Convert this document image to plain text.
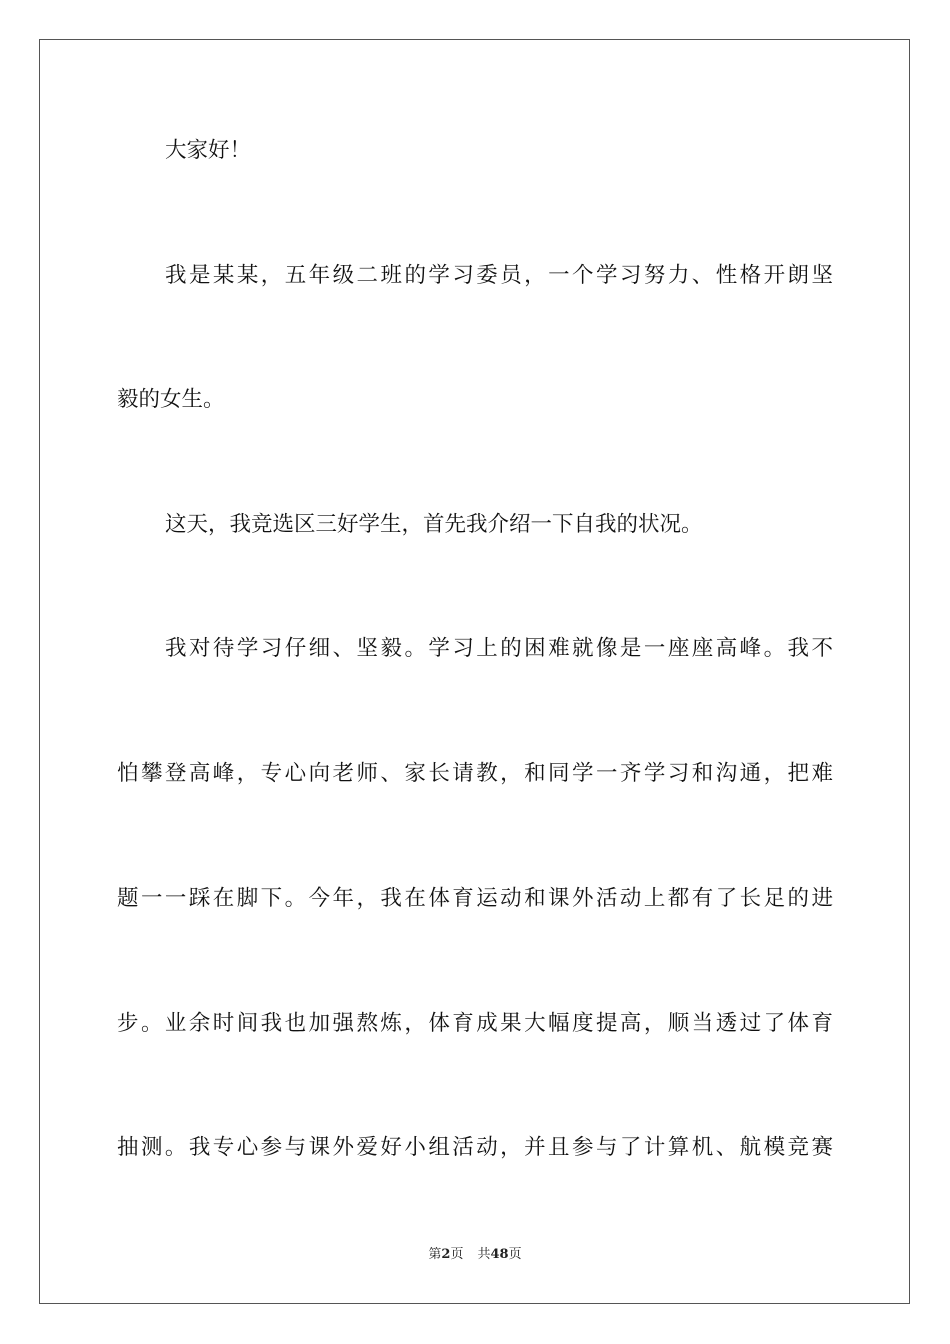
大家好！
我是某某，五年级二班的学习委员，一个学习努力、性格开朗坚
毅的女生。
这天，我竞选区三好学生，首先我介绍一下自我的状况。
我对待学习仔细、坚毅。学习上的困难就像是一座座高峰。我不
怕攀登高峰，专心向老师、家长请教，和同学一齐学习和沟通，把难
题一一踩在脚下。今年，我在体育运动和课外活动上都有了长足的进
步。业余时间我也加强熬炼，体育成果大幅度提高，顺当透过了体育
抽测。我专心参与课外爱好小组活动，并且参与了计算机、航模竞赛
第2页 共48页
